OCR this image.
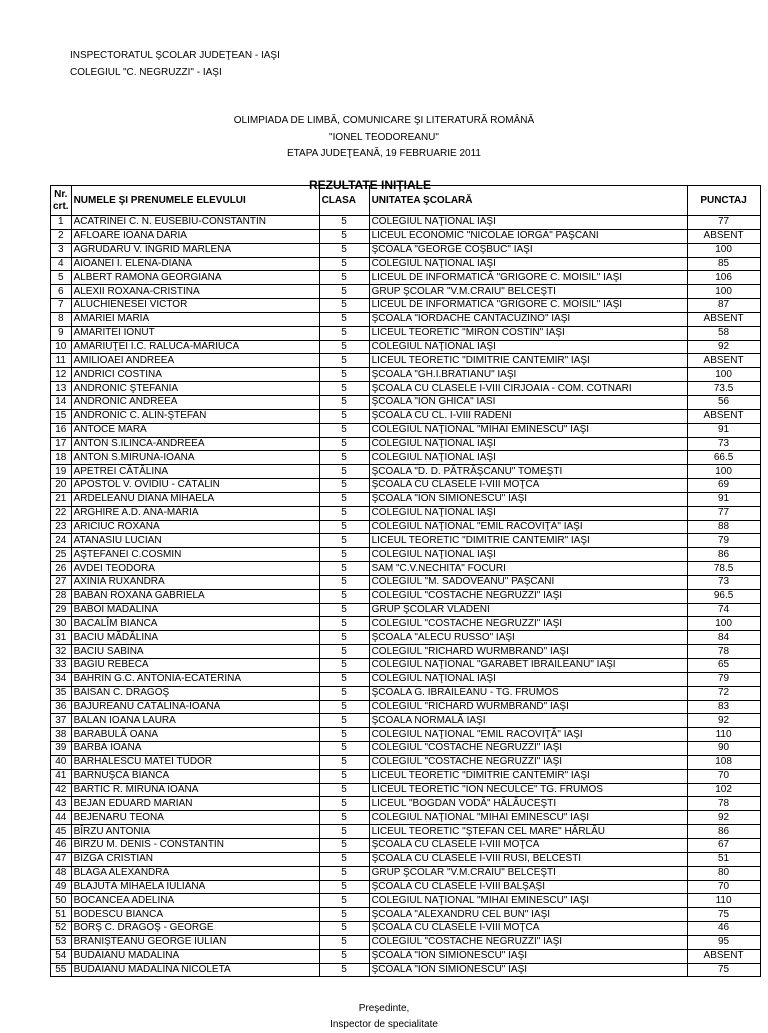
INSPECTORATUL ŞCOLAR JUDEŢEAN - IAŞI
COLEGIUL "C. NEGRUZZI" - IAŞI
OLIMPIADA DE LIMBĂ, COMUNICARE ŞI LITERATURĂ ROMÂNĂ
"IONEL TEODOREANU"
ETAPA JUDEŢEANĂ, 19 FEBRUARIE 2011
REZULTATE INIŢIALE
Nr. crt.	NUMELE ŞI PRENUMELE ELEVULUI	CLASA	UNITATEA ŞCOLARĂ	PUNCTAJ
1	ACATRINEI C. N. EUSEBIU-CONSTANTIN	5	COLEGIUL NAŢIONAL IAŞI	77
2	AFLOARE IOANA DARIA	5	LICEUL ECONOMIC "NICOLAE IORGA" PAŞCANI	ABSENT
3	AGRUDARU V. INGRID MARLENA	5	ŞCOALA "GEORGE COŞBUC" IAŞI	100
4	AIOANEI I. ELENA-DIANA	5	COLEGIUL NAŢIONAL IAŞI	85
5	ALBERT RAMONA GEORGIANA	5	LICEUL DE INFORMATICĂ "GRIGORE C. MOISIL" IAŞI	106
6	ALEXII ROXANA-CRISTINA	5	GRUP ŞCOLAR "V.M.CRAIU" BELCEŞTI	100
7	ALUCHIENESEI VICTOR	5	LICEUL DE INFORMATICĂ "GRIGORE C. MOISIL" IAŞI	87
8	AMARIEI MARIA	5	ŞCOALA "IORDACHE CANTACUZINO" IAŞI	ABSENT
9	AMARITEI IONUT	5	LICEUL TEORETIC "MIRON COSTIN" IAŞI	58
10	AMĂRIUŢEI I.C. RALUCA-MĂRIUCA	5	COLEGIUL NAŢIONAL IAŞI	92
11	AMILIOAEI ANDREEA	5	LICEUL TEORETIC "DIMITRIE CANTEMIR" IAŞI	ABSENT
12	ANDRICI COSTINA	5	ŞCOALA "GH.I.BRATIANU" IAŞI	100
13	ANDRONIC ŞTEFANIA	5	ŞCOALA CU CLASELE I-VIII CIRJOAIA - COM. COTNARI	73.5
14	ANDRONIC ANDREEA	5	ŞCOALA "ION GHICA" IASI	56
15	ANDRONIC C. ALIN-ŞTEFAN	5	ŞCOALA CU CL. I-VIII RADENI	ABSENT
16	ANTOCE MARA	5	COLEGIUL NAŢIONAL "MIHAI EMINESCU" IAŞI	91
17	ANTON S.ILINCA-ANDREEA	5	COLEGIUL NAŢIONAL IAŞI	73
18	ANTON S.MIRUNA-IOANA	5	COLEGIUL NAŢIONAL IAŞI	66.5
19	APETREI CĂTĂLINA	5	ŞCOALA "D. D. PĂTRĂŞCANU" TOMEŞTI	100
20	APOSTOL V. OVIDIU - CĂTĂLIN	5	ŞCOALA CU CLASELE I-VIII MOŢCA	69
21	ARDELEANU DIANA MIHAELA	5	ŞCOALA "ION SIMIONESCU" IAŞI	91
22	ARGHIRE A.D. ANA-MARIA	5	COLEGIUL NAŢIONAL IAŞI	77
23	ARICIUC ROXANA	5	COLEGIUL NAŢIONAL "EMIL RACOVIŢĂ" IAŞI	88
24	ATANASIU LUCIAN	5	LICEUL TEORETIC "DIMITRIE CANTEMIR" IAŞI	79
25	AŞTEFANEI C.COSMIN	5	COLEGIUL NAŢIONAL IAŞI	86
26	AVDEI TEODORA	5	SAM "C.V.NECHITA" FOCURI	78.5
27	AXINIA RUXANDRA	5	COLEGIUL "M. SADOVEANU" PAŞCANI	73
28	BABAN ROXANA GABRIELA	5	COLEGIUL "COSTACHE NEGRUZZI" IAŞI	96.5
29	BABOI MĂDĂLINA	5	GRUP ŞCOLAR VLĂDENI	74
30	BACALÎM BIANCA	5	COLEGIUL "COSTACHE NEGRUZZI" IAŞI	100
31	BACIU MĂDĂLINA	5	ŞCOALA "ALECU RUSSO" IAŞI	84
32	BACIU SABINA	5	COLEGIUL "RICHARD WURMBRAND" IAŞI	78
33	BAGIU REBECA	5	COLEGIUL NAŢIONAL "GARABET IBRĂILEANU" IAŞI	65
34	BAHRIN G.C. ANTONIA-ECATERINA	5	COLEGIUL NAŢIONAL IAŞI	79
35	BĂISAN C. DRAGOŞ	5	ŞCOALA G. IBRĂILEANU - TG. FRUMOS	72
36	BĂJUREANU CĂTĂLINA-IOANA	5	COLEGIUL "RICHARD WURMBRAND" IAŞI	83
37	BALAN IOANA LAURA	5	ŞCOALA NORMALĂ IAŞI	92
38	BARABULĂ OANA	5	COLEGIUL NAŢIONAL "EMIL RACOVIŢĂ" IAŞI	110
39	BARBĂ IOANA	5	COLEGIUL "COSTACHE NEGRUZZI" IAŞI	90
40	BĂRHĂLESCU MATEI TUDOR	5	COLEGIUL "COSTACHE NEGRUZZI" IAŞI	108
41	BARNUŞCĂ BIANCA	5	LICEUL TEORETIC "DIMITRIE CANTEMIR" IAŞI	70
42	BARTIC R. MIRUNA IOANA	5	LICEUL TEORETIC "ION NECULCE" TG. FRUMOS	102
43	BEJAN EDUARD MARIAN	5	LICEUL "BOGDAN VODĂ" HĂLĂUCEŞTI	78
44	BEJENARU TEONA	5	COLEGIUL NAŢIONAL "MIHAI EMINESCU" IAŞI	92
45	BÎRZU ANTONIA	5	LICEUL TEORETIC "ŞTEFAN CEL MARE" HÂRLĂU	86
46	BÎRZU M. DENIS - CONSTANTIN	5	ŞCOALA CU CLASELE I-VIII MOŢCA	67
47	BÎZGĂ CRISTIAN	5	ŞCOALA CU CLASELE I-VIII RUSI, BELCESTI	51
48	BLAGA ALEXANDRA	5	GRUP ŞCOLAR "V.M.CRAIU" BELCEŞTI	80
49	BLAJUTĂ MIHAELA IULIANA	5	ŞCOALA CU CLASELE I-VIII BĂLŞAŞI	70
50	BOCANCEA ADELINA	5	COLEGIUL NAŢIONAL "MIHAI EMINESCU" IAŞI	110
51	BODESCU BIANCA	5	ŞCOALA "ALEXANDRU CEL BUN" IAŞI	75
52	BORŞ C. DRAGOŞ - GEORGE	5	ŞCOALA CU CLASELE I-VIII MOŢCA	46
53	BRĂNIŞTEANU GEORGE IULIAN	5	COLEGIUL "COSTACHE NEGRUZZI" IAŞI	95
54	BUDĂIANU MĂDĂLINA	5	ŞCOALA "ION SIMIONESCU" IAŞI	ABSENT
55	BUDĂIANU MĂDĂLINA NICOLETA	5	ŞCOALA "ION SIMIONESCU" IAŞI	75
Preşedinte,
Inspector de specialitate
